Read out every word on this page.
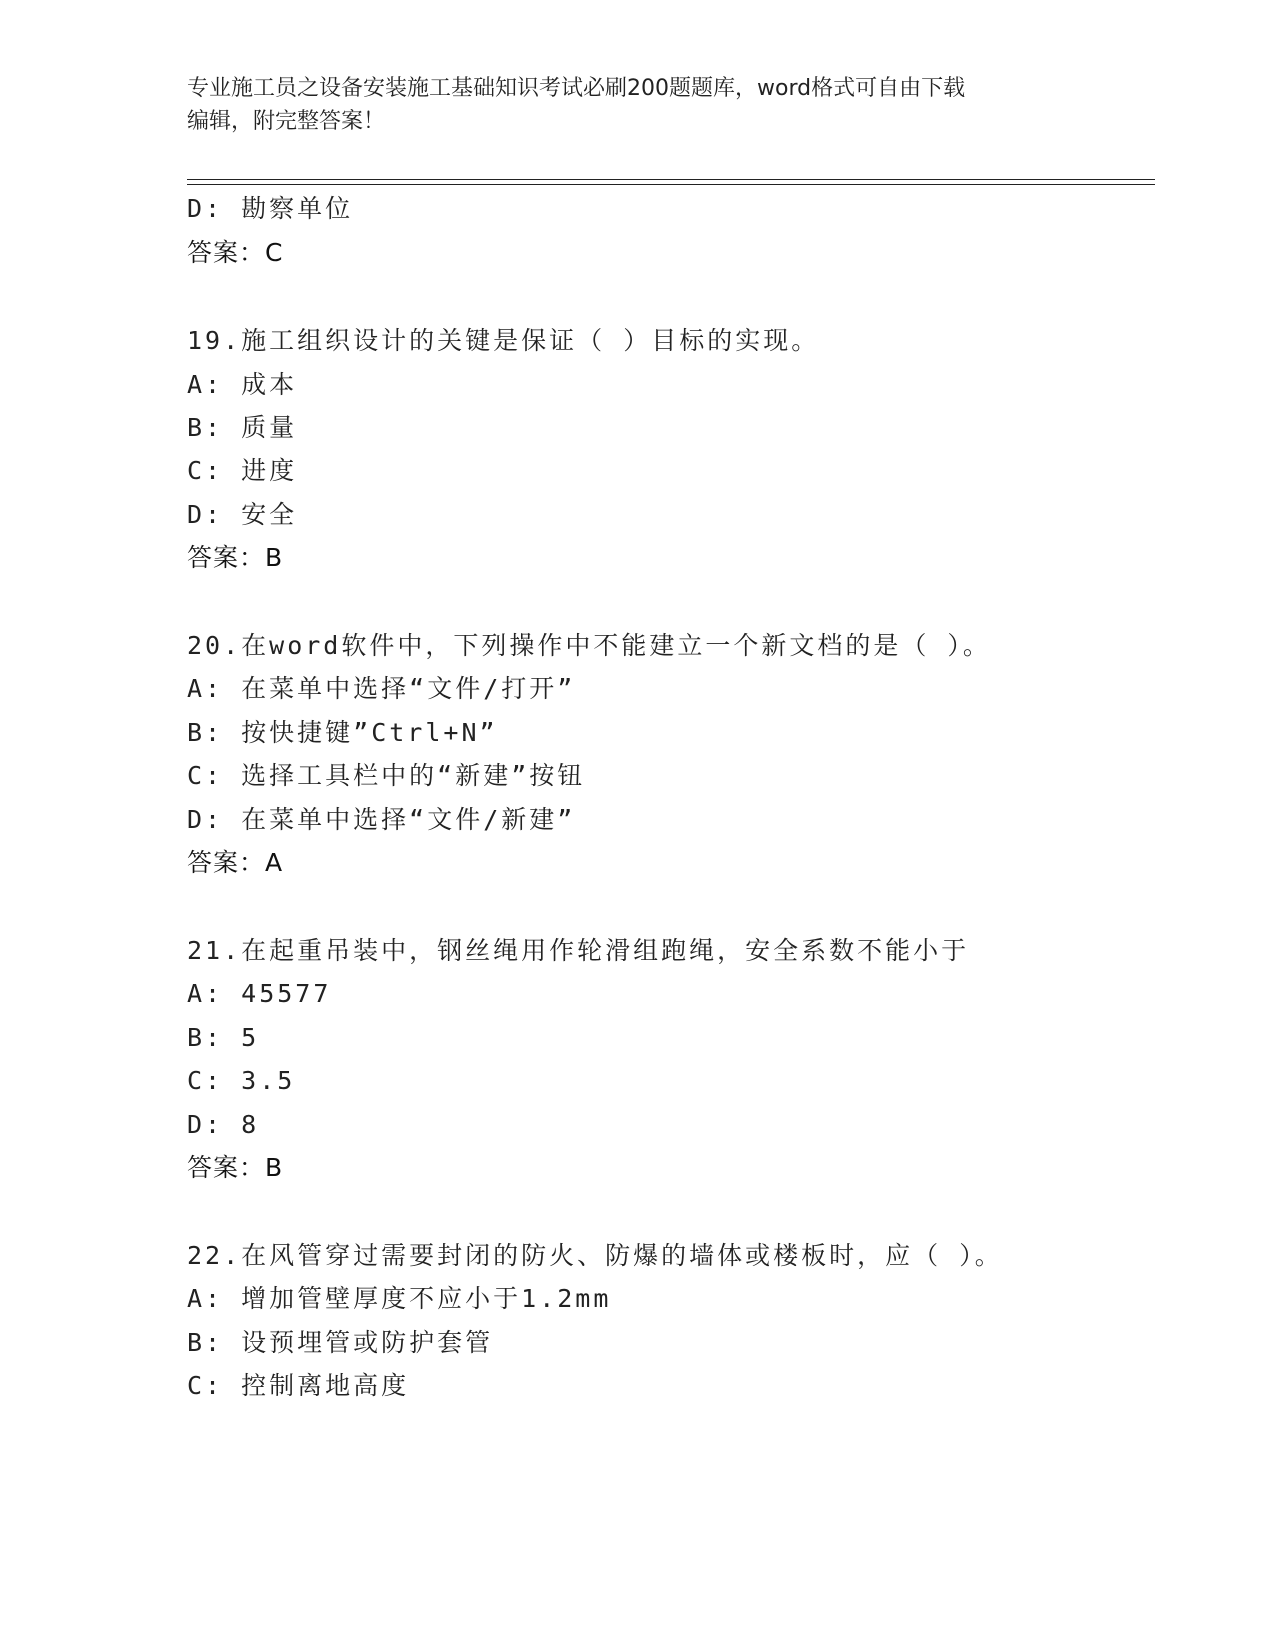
专业施工员之设备安装施工基础知识考试必刷200题题库，word格式可自由下载
编辑，附完整答案！
D: 勘察单位
答案：C
19.施工组织设计的关键是保证（ ）目标的实现。
A: 成本
B: 质量
C: 进度
D: 安全
答案：B
20.在word软件中，下列操作中不能建立一个新文档的是（ ）。
A: 在菜单中选择“文件/打开”
B: 按快捷键”Ctrl+N”
C: 选择工具栏中的“新建”按钮
D: 在菜单中选择“文件/新建”
答案：A
21.在起重吊装中，钢丝绳用作轮滑组跑绳，安全系数不能小于
A: 45577
B: 5
C: 3.5
D: 8
答案：B
22.在风管穿过需要封闭的防火、防爆的墙体或楼板时，应（ ）。
A: 增加管壁厚度不应小于1.2mm
B: 设预埋管或防护套管
C: 控制离地高度
